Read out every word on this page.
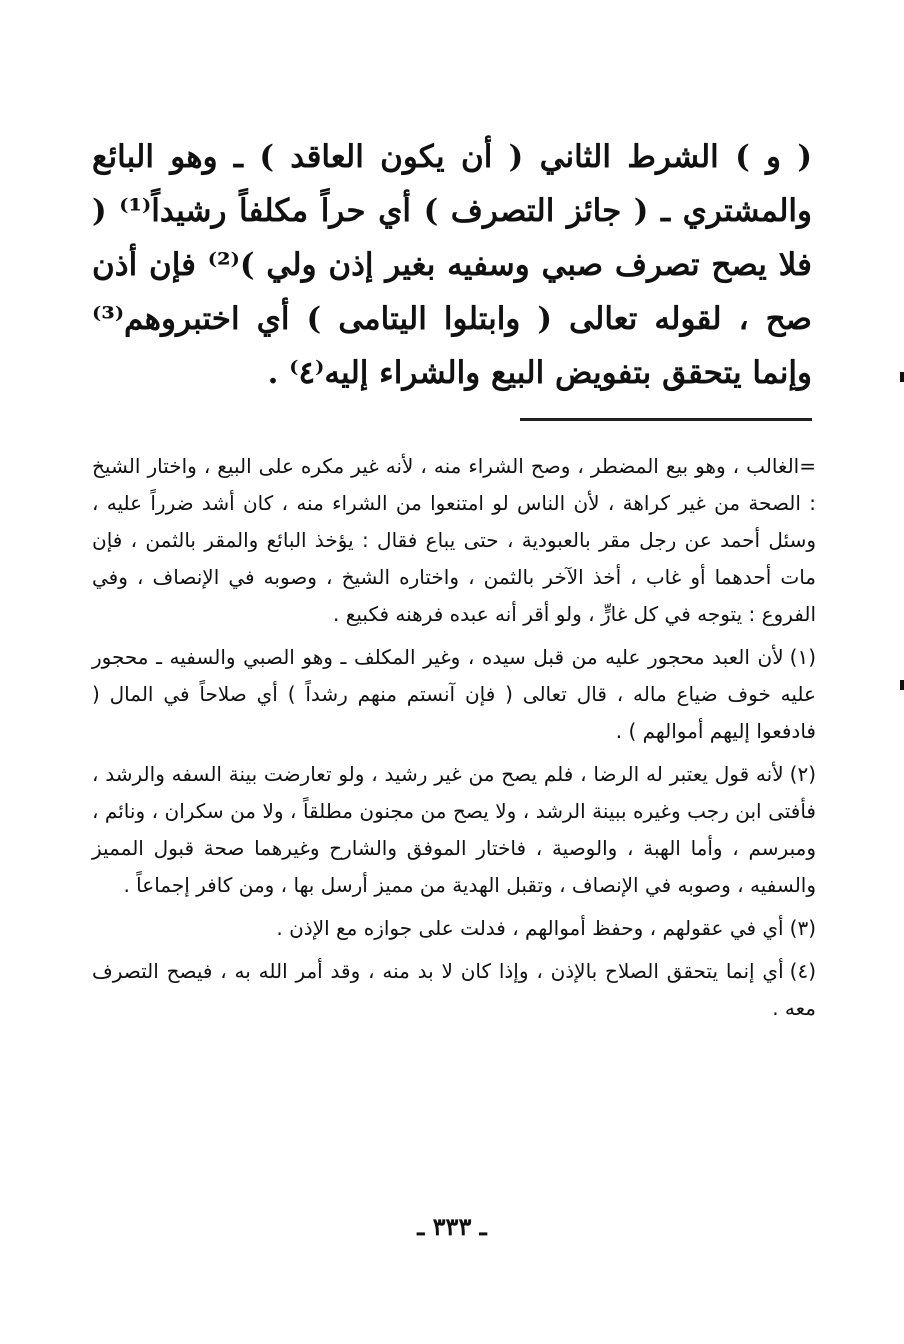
( و ) الشرط الثاني ( أن يكون العاقد ) ـ وهو البائع والمشتري ـ ( جائز التصرف ) أي حراً مكلفاً رشيداً⁽¹⁾ ( فلا يصح تصرف صبي وسفيه بغير إذن ولي )⁽²⁾ فإن أذن صح ، لقوله تعالى ( وابتلوا اليتامى ) أي اختبروهم⁽³⁾ وإنما يتحقق بتفويض البيع والشراء إليه⁽٤⁾ .

=الغالب ، وهو بيع المضطر ، وصح الشراء منه ، لأنه غير مكره على البيع ، واختار الشيخ : الصحة من غير كراهة ، لأن الناس لو امتنعوا من الشراء منه ، كان أشد ضرراً عليه ، وسئل أحمد عن رجل مقر بالعبودية ، حتى يباع فقال : يؤخذ البائع والمقر بالثمن ، فإن مات أحدهما أو غاب ، أخذ الآخر بالثمن ، واختاره الشيخ ، وصوبه في الإنصاف ، وفي الفروع : يتوجه في كل غارٍّ ، ولو أقر أنه عبده فرهنه فكبيع .

(١)لأن العبد محجور عليه من قبل سيده ، وغير المكلف ـ وهو الصبي والسفيه ـ محجور عليه خوف ضياع ماله ، قال تعالى ( فإن آنستم منهم رشداً ) أي صلاحاً في المال ( فادفعوا إليهم أموالهم ) .

(٢)لأنه قول يعتبر له الرضا ، فلم يصح من غير رشيد ، ولو تعارضت بينة السفه والرشد ، فأفتى ابن رجب وغيره ببينة الرشد ، ولا يصح من مجنون مطلقاً ، ولا من سكران ، ونائم ، ومبرسم ، وأما الهبة ، والوصية ، فاختار الموفق والشارح وغيرهما صحة قبول المميز والسفيه ، وصوبه في الإنصاف ، وتقبل الهدية من مميز أرسل بها ، ومن كافر إجماعاً .

(٣)أي في عقولهم ، وحفظ أموالهم ، فدلت على جوازه مع الإذن .

(٤)أي إنما يتحقق الصلاح بالإذن ، وإذا كان لا بد منه ، وقد أمر الله به ، فيصح التصرف معه .

ـ ٣٣٣ ـ
